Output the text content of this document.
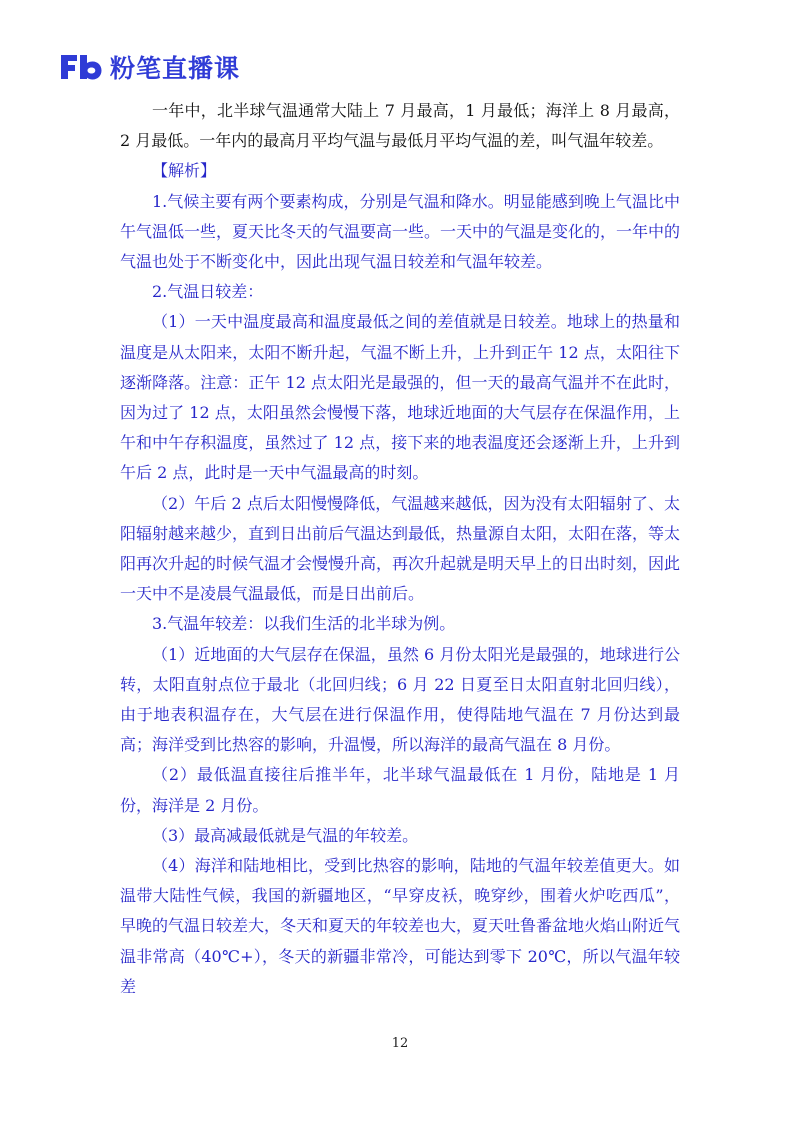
粉笔直播课

一年中，北半球气温通常大陆上 7 月最高，1 月最低；海洋上 8 月最高，2 月最低。一年内的最高月平均气温与最低月平均气温的差，叫气温年较差。

【解析】

1.气候主要有两个要素构成，分别是气温和降水。明显能感到晚上气温比中午气温低一些，夏天比冬天的气温要高一些。一天中的气温是变化的，一年中的气温也处于不断变化中，因此出现气温日较差和气温年较差。

2.气温日较差：

（1）一天中温度最高和温度最低之间的差值就是日较差。地球上的热量和温度是从太阳来，太阳不断升起，气温不断上升，上升到正午 12 点，太阳往下逐渐降落。注意：正午 12 点太阳光是最强的，但一天的最高气温并不在此时，因为过了 12 点，太阳虽然会慢慢下落，地球近地面的大气层存在保温作用，上午和中午存积温度，虽然过了 12 点，接下来的地表温度还会逐渐上升，上升到午后 2 点，此时是一天中气温最高的时刻。

（2）午后 2 点后太阳慢慢降低，气温越来越低，因为没有太阳辐射了、太阳辐射越来越少，直到日出前后气温达到最低，热量源自太阳，太阳在落，等太阳再次升起的时候气温才会慢慢升高，再次升起就是明天早上的日出时刻，因此一天中不是凌晨气温最低，而是日出前后。

3.气温年较差：以我们生活的北半球为例。

（1）近地面的大气层存在保温，虽然 6 月份太阳光是最强的，地球进行公转，太阳直射点位于最北（北回归线；6 月 22 日夏至日太阳直射北回归线），由于地表积温存在，大气层在进行保温作用，使得陆地气温在 7 月份达到最高；海洋受到比热容的影响，升温慢，所以海洋的最高气温在 8 月份。

（2）最低温直接往后推半年，北半球气温最低在 1 月份，陆地是 1 月份，海洋是 2 月份。

（3）最高减最低就是气温的年较差。

（4）海洋和陆地相比，受到比热容的影响，陆地的气温年较差值更大。如温带大陆性气候，我国的新疆地区，“早穿皮袄，晚穿纱，围着火炉吃西瓜”，早晚的气温日较差大，冬天和夏天的年较差也大，夏天吐鲁番盆地火焰山附近气温非常高（40℃+），冬天的新疆非常冷，可能达到零下 20℃，所以气温年较差

12
